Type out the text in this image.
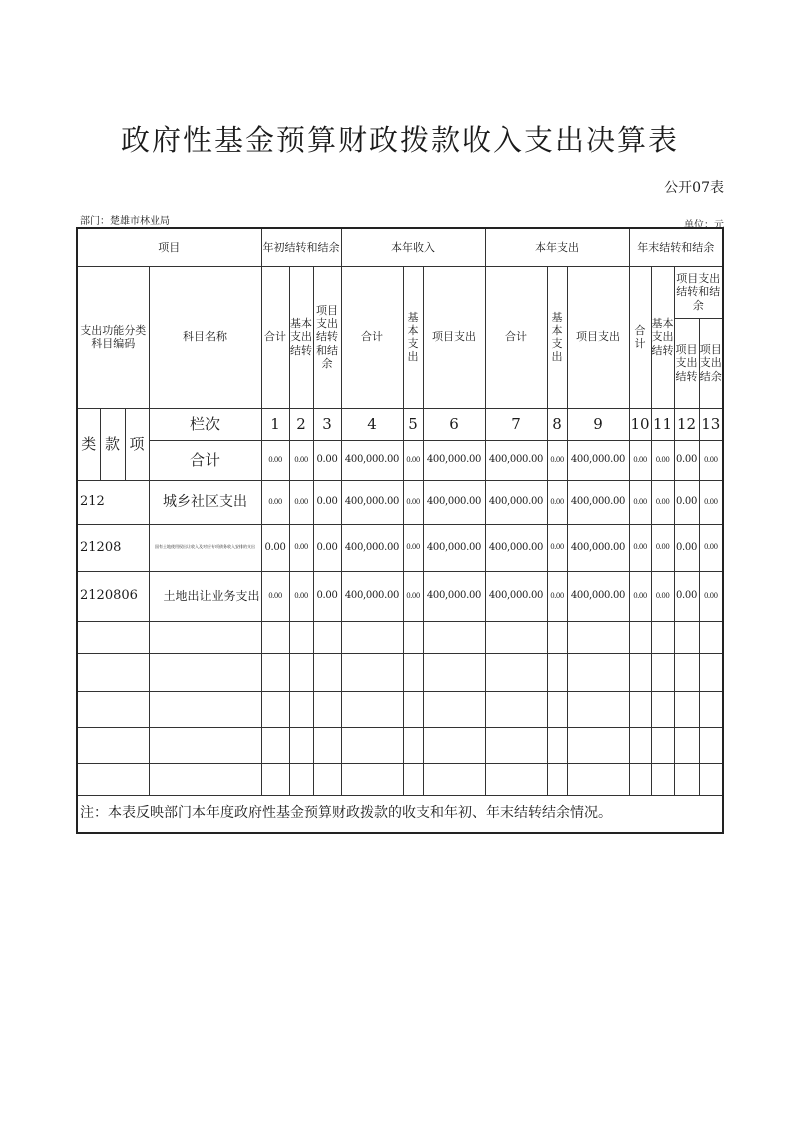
政府性基金预算财政拨款收入支出决算表
公开07表
部门：楚雄市林业局	单位：元
项目				年初结转和结余			本年收入			本年支出			年末结转和结余			
支出功能分类科目编码			科目名称	合计	基本支出结转	项目支出结转和结余	合计	基本支出	项目支出	合计	基本支出	项目支出	合计	基本支出结转	项目支出结转和结余	
															项目支出结转	项目支出结余
类	款	项	栏次	1	2	3	4	5	6	7	8	9	10	11	12	13
			合计	0.00	0.00	0.00	400,000.00	0.00	400,000.00	400,000.00	0.00	400,000.00	0.00	0.00	0.00	0.00
212			城乡社区支出	0.00	0.00	0.00	400,000.00	0.00	400,000.00	400,000.00	0.00	400,000.00	0.00	0.00	0.00	0.00
21208			国有土地使用权出让收入及对应专项债务收入安排的支出	0.00	0.00	0.00	400,000.00	0.00	400,000.00	400,000.00	0.00	400,000.00	0.00	0.00	0.00	0.00
2120806			土地出让业务支出	0.00	0.00	0.00	400,000.00	0.00	400,000.00	400,000.00	0.00	400,000.00	0.00	0.00	0.00	0.00

注：本表反映部门本年度政府性基金预算财政拨款的收支和年初、年末结转结余情况。																
